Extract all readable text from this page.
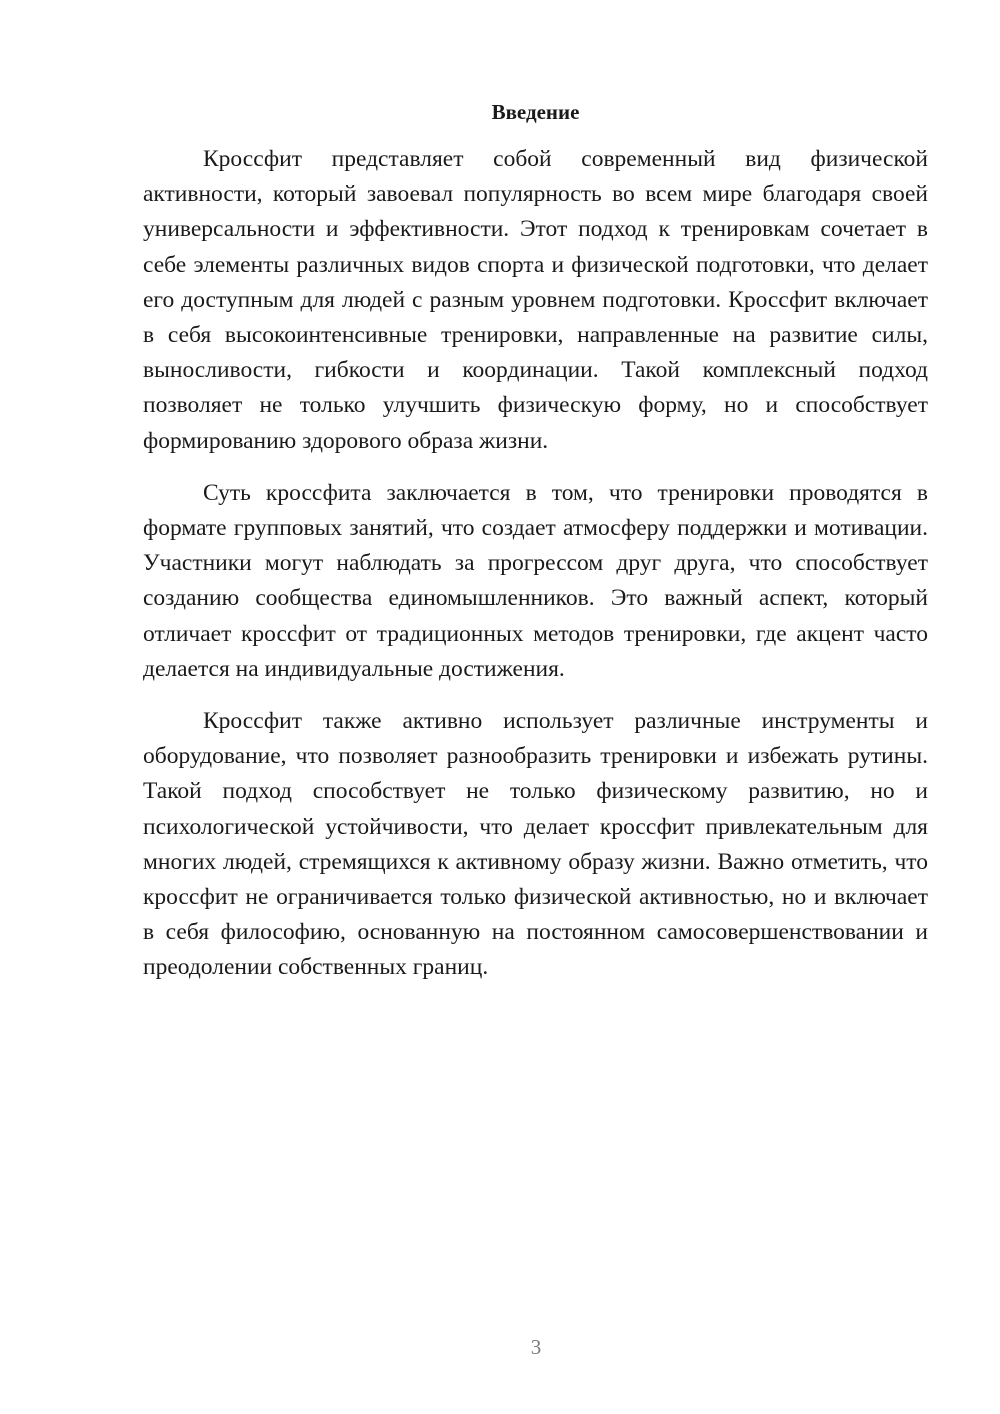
Введение

Кроссфит представляет собой современный вид физической активности, который завоевал популярность во всем мире благодаря своей универсальности и эффективности. Этот подход к тренировкам сочетает в себе элементы различных видов спорта и физической подготовки, что делает его доступным для людей с разным уровнем подготовки. Кроссфит включает в себя высокоинтенсивные тренировки, направленные на развитие силы, выносливости, гибкости и координации. Такой комплексный подход позволяет не только улучшить физическую форму, но и способствует формированию здорового образа жизни.

Суть кроссфита заключается в том, что тренировки проводятся в формате групповых занятий, что создает атмосферу поддержки и мотивации. Участники могут наблюдать за прогрессом друг друга, что способствует созданию сообщества единомышленников. Это важный аспект, который отличает кроссфит от традиционных методов тренировки, где акцент часто делается на индивидуальные достижения.

Кроссфит также активно использует различные инструменты и оборудование, что позволяет разнообразить тренировки и избежать рутины. Такой подход способствует не только физическому развитию, но и психологической устойчивости, что делает кроссфит привлекательным для многих людей, стремящихся к активному образу жизни. Важно отметить, что кроссфит не ограничивается только физической активностью, но и включает в себя философию, основанную на постоянном самосовершенствовании и преодолении собственных границ.

3
